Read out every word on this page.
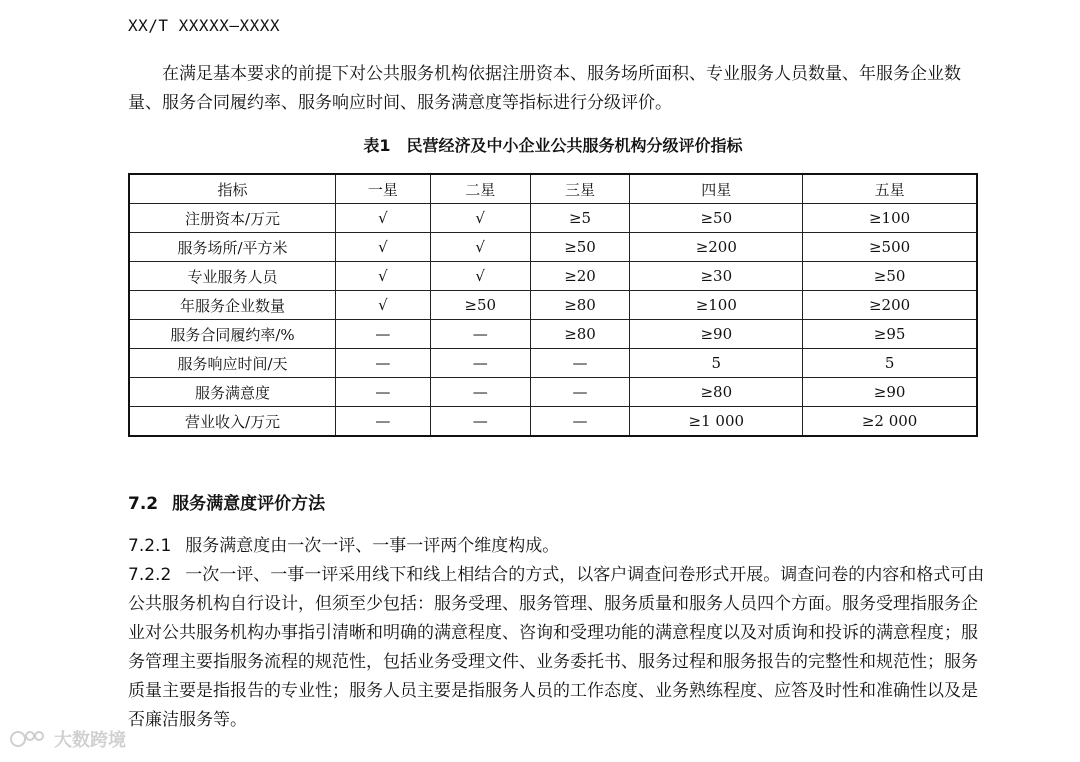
XX/T XXXXX—XXXX

在满足基本要求的前提下对公共服务机构依据注册资本、服务场所面积、专业服务人员数量、年服务企业数量、服务合同履约率、服务响应时间、服务满意度等指标进行分级评价。

表1　民营经济及中小企业公共服务机构分级评价指标
指标	一星	二星	三星	四星	五星
注册资本/万元	√	√	≥5	≥50	≥100
服务场所/平方米	√	√	≥50	≥200	≥500
专业服务人员	√	√	≥20	≥30	≥50
年服务企业数量	√	≥50	≥80	≥100	≥200
服务合同履约率/%	—	—	≥80	≥90	≥95
服务响应时间/天	—	—	—	5	5
服务满意度	—	—	—	≥80	≥90
营业收入/万元	—	—	—	≥1 000	≥2 000
7.2 服务满意度评价方法

7.2.1 服务满意度由一次一评、一事一评两个维度构成。

7.2.2 一次一评、一事一评采用线下和线上相结合的方式，以客户调查问卷形式开展。调查问卷的内容和格式可由公共服务机构自行设计，但须至少包括：服务受理、服务管理、服务质量和服务人员四个方面。服务受理指服务企业对公共服务机构办事指引清晰和明确的满意程度、咨询和受理功能的满意程度以及对质询和投诉的满意程度；服务管理主要指服务流程的规范性，包括业务受理文件、业务委托书、服务过程和服务报告的完整性和规范性；服务质量主要是指报告的专业性；服务人员主要是指服务人员的工作态度、业务熟练程度、应答及时性和准确性以及是否廉洁服务等。

大数跨境
